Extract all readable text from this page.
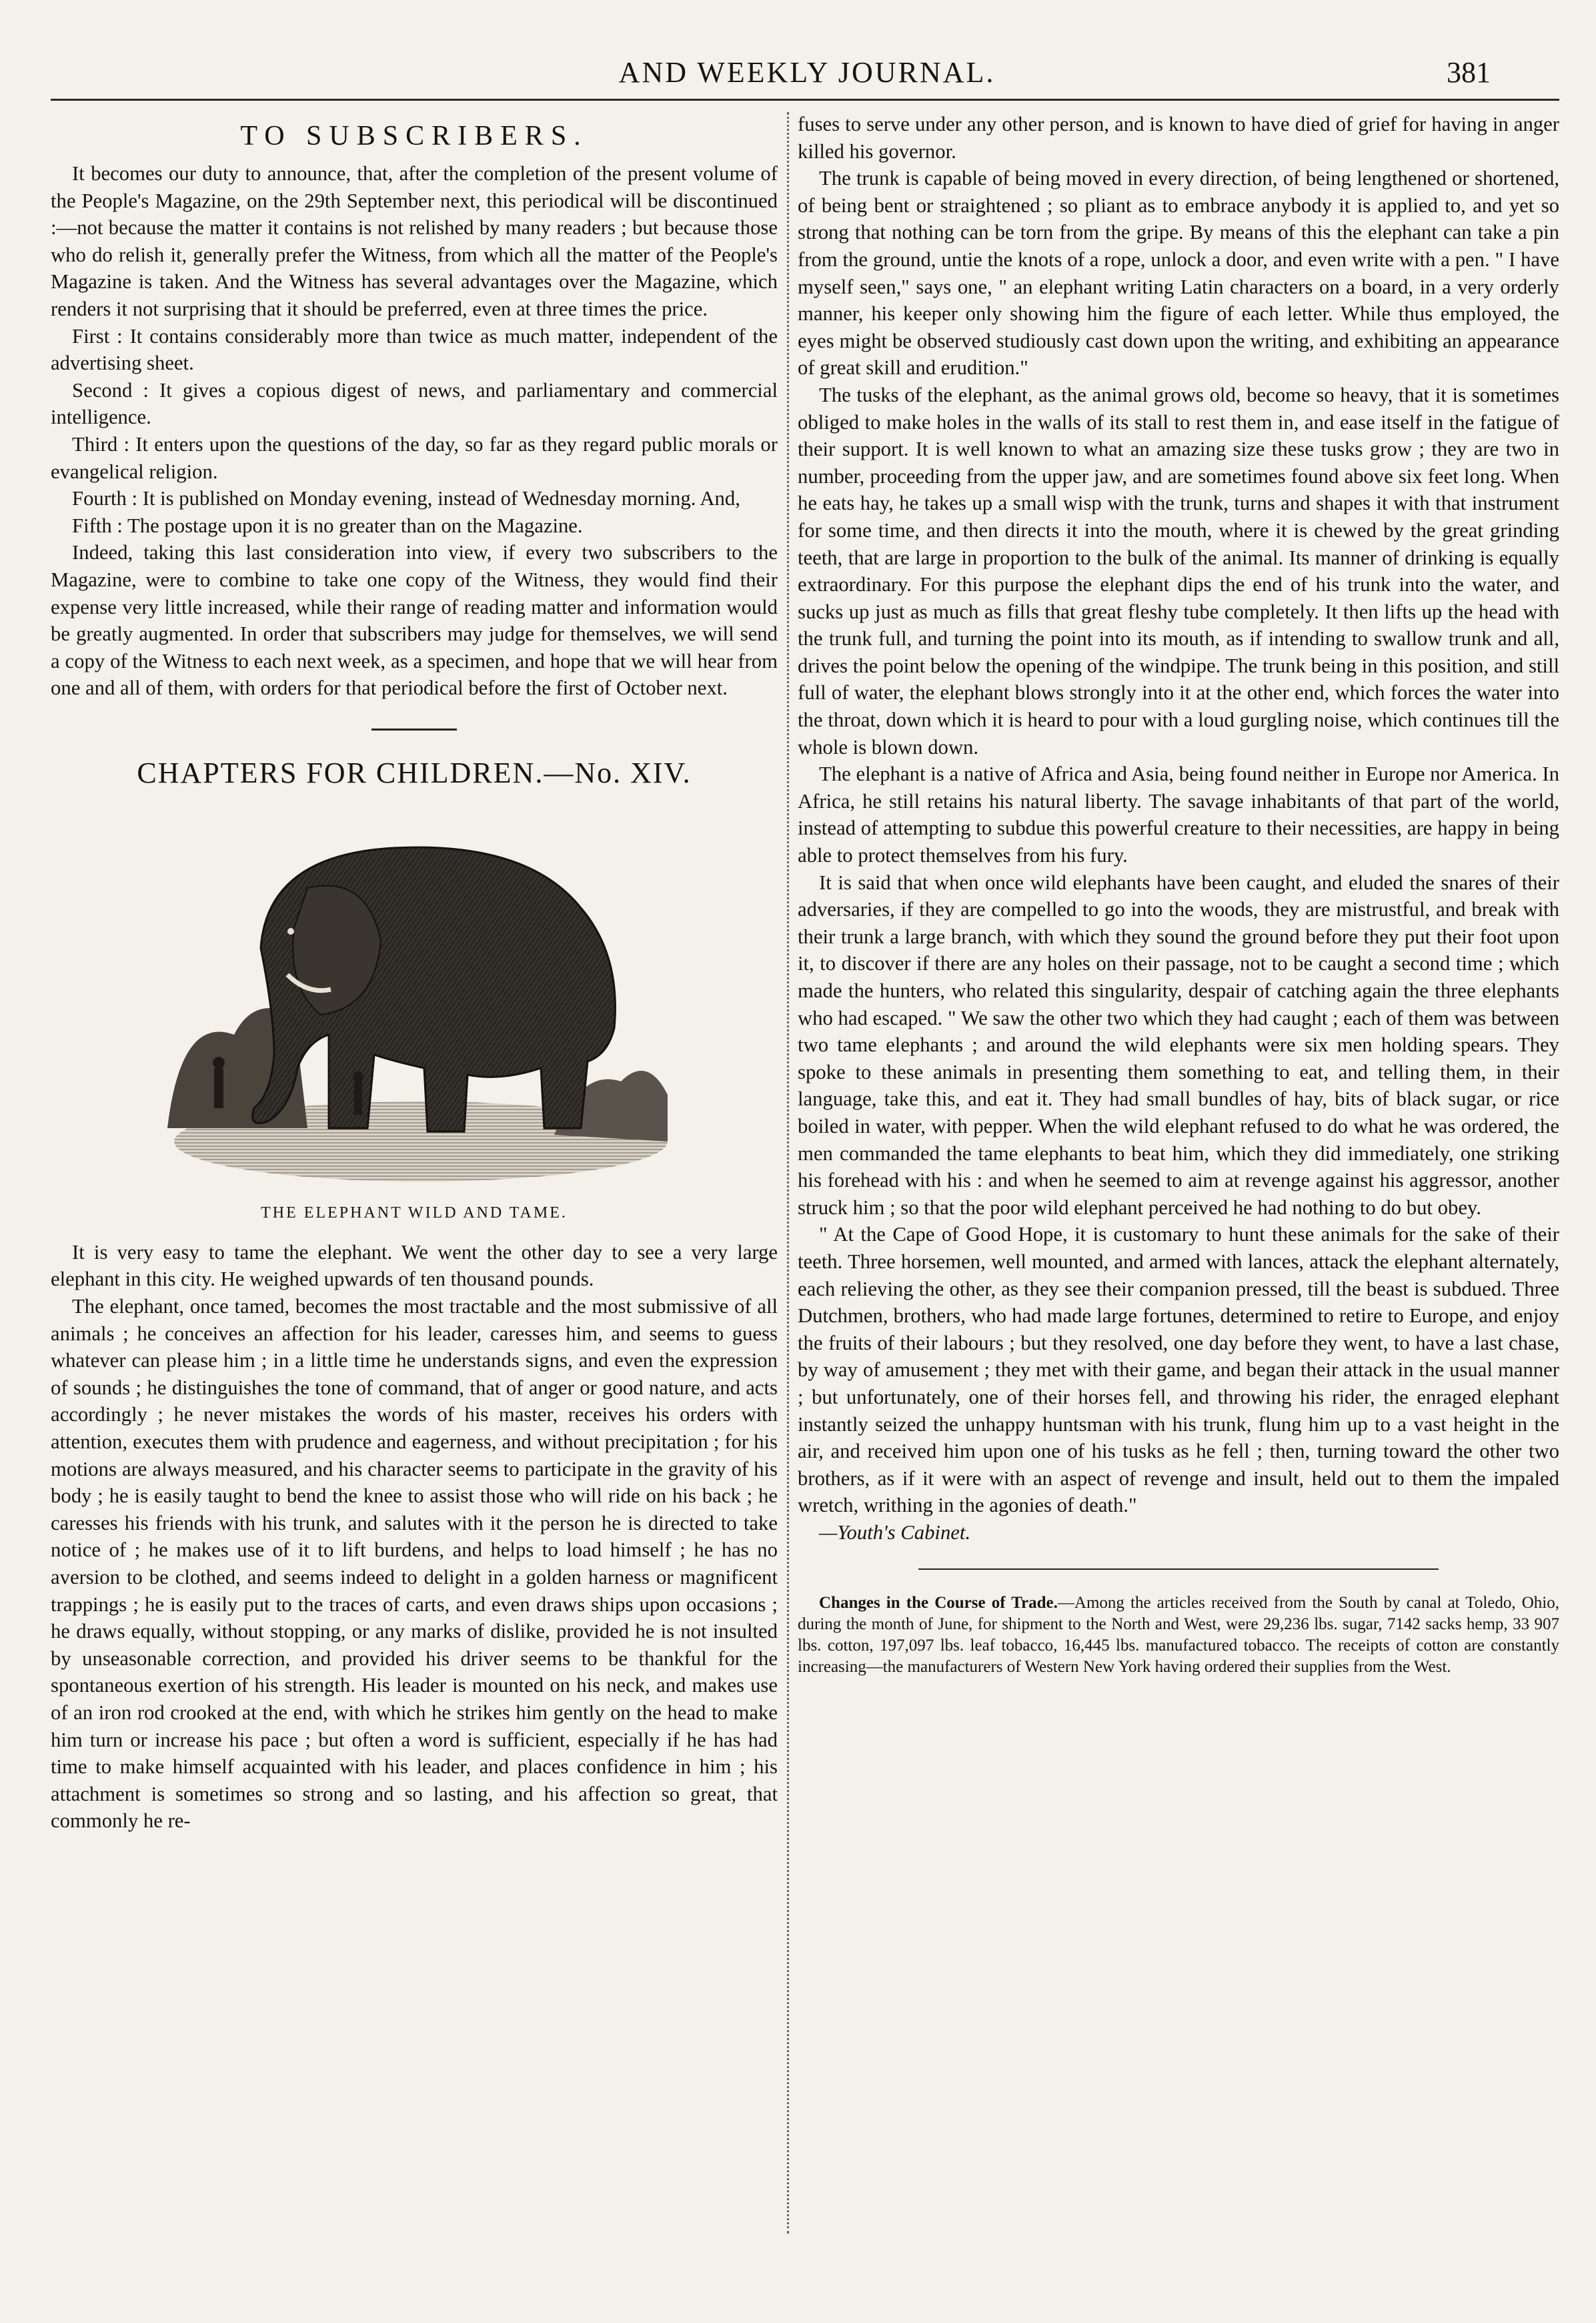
AND WEEKLY JOURNAL.	381
TO SUBSCRIBERS.

It becomes our duty to announce, that, after the completion of the present volume of the People's Magazine, on the 29th September next, this periodical will be discontinued :—not because the matter it contains is not relished by many readers ; but because those who do relish it, generally prefer the Witness, from which all the matter of the People's Magazine is taken. And the Witness has several advantages over the Magazine, which renders it not surprising that it should be preferred, even at three times the price.

First : It contains considerably more than twice as much matter, independent of the advertising sheet.

Second : It gives a copious digest of news, and parliamentary and commercial intelligence.

Third : It enters upon the questions of the day, so far as they regard public morals or evangelical religion.

Fourth : It is published on Monday evening, instead of Wednesday morning. And,

Fifth : The postage upon it is no greater than on the Magazine.

Indeed, taking this last consideration into view, if every two subscribers to the Magazine, were to combine to take one copy of the Witness, they would find their expense very little increased, while their range of reading matter and information would be greatly augmented. In order that subscribers may judge for themselves, we will send a copy of the Witness to each next week, as a specimen, and hope that we will hear from one and all of them, with orders for that periodical before the first of October next.

CHAPTERS FOR CHILDREN.—No. XIV.
THE ELEPHANT WILD AND TAME.

It is very easy to tame the elephant. We went the other day to see a very large elephant in this city. He weighed upwards of ten thousand pounds.

The elephant, once tamed, becomes the most tractable and the most submissive of all animals ; he conceives an affection for his leader, caresses him, and seems to guess whatever can please him ; in a little time he understands signs, and even the expression of sounds ; he distinguishes the tone of command, that of anger or good nature, and acts accordingly ; he never mistakes the words of his master, receives his orders with attention, executes them with prudence and eagerness, and without precipitation ; for his motions are always measured, and his character seems to participate in the gravity of his body ; he is easily taught to bend the knee to assist those who will ride on his back ; he caresses his friends with his trunk, and salutes with it the person he is directed to take notice of ; he makes use of it to lift burdens, and helps to load himself ; he has no aversion to be clothed, and seems indeed to delight in a golden harness or magnificent trappings ; he is easily put to the traces of carts, and even draws ships upon occasions ; he draws equally, without stopping, or any marks of dislike, provided he is not insulted by unseasonable correction, and provided his driver seems to be thankful for the spontaneous exertion of his strength. His leader is mounted on his neck, and makes use of an iron rod crooked at the end, with which he strikes him gently on the head to make him turn or increase his pace ; but often a word is sufficient, especially if he has had time to make himself acquainted with his leader, and places confidence in him ; his attachment is sometimes so strong and so lasting, and his affection so great, that commonly he re-

fuses to serve under any other person, and is known to have died of grief for having in anger killed his governor.

The trunk is capable of being moved in every direction, of being lengthened or shortened, of being bent or straightened ; so pliant as to embrace anybody it is applied to, and yet so strong that nothing can be torn from the gripe. By means of this the elephant can take a pin from the ground, untie the knots of a rope, unlock a door, and even write with a pen. " I have myself seen," says one, " an elephant writing Latin characters on a board, in a very orderly manner, his keeper only showing him the figure of each letter. While thus employed, the eyes might be observed studiously cast down upon the writing, and exhibiting an appearance of great skill and erudition."

The tusks of the elephant, as the animal grows old, become so heavy, that it is sometimes obliged to make holes in the walls of its stall to rest them in, and ease itself in the fatigue of their support. It is well known to what an amazing size these tusks grow ; they are two in number, proceeding from the upper jaw, and are sometimes found above six feet long. When he eats hay, he takes up a small wisp with the trunk, turns and shapes it with that instrument for some time, and then directs it into the mouth, where it is chewed by the great grinding teeth, that are large in proportion to the bulk of the animal. Its manner of drinking is equally extraordinary. For this purpose the elephant dips the end of his trunk into the water, and sucks up just as much as fills that great fleshy tube completely. It then lifts up the head with the trunk full, and turning the point into its mouth, as if intending to swallow trunk and all, drives the point below the opening of the windpipe. The trunk being in this position, and still full of water, the elephant blows strongly into it at the other end, which forces the water into the throat, down which it is heard to pour with a loud gurgling noise, which continues till the whole is blown down.

The elephant is a native of Africa and Asia, being found neither in Europe nor America. In Africa, he still retains his natural liberty. The savage inhabitants of that part of the world, instead of attempting to subdue this powerful creature to their necessities, are happy in being able to protect themselves from his fury.

It is said that when once wild elephants have been caught, and eluded the snares of their adversaries, if they are compelled to go into the woods, they are mistrustful, and break with their trunk a large branch, with which they sound the ground before they put their foot upon it, to discover if there are any holes on their passage, not to be caught a second time ; which made the hunters, who related this singularity, despair of catching again the three elephants who had escaped. " We saw the other two which they had caught ; each of them was between two tame elephants ; and around the wild elephants were six men holding spears. They spoke to these animals in presenting them something to eat, and telling them, in their language, take this, and eat it. They had small bundles of hay, bits of black sugar, or rice boiled in water, with pepper. When the wild elephant refused to do what he was ordered, the men commanded the tame elephants to beat him, which they did immediately, one striking his forehead with his : and when he seemed to aim at revenge against his aggressor, another struck him ; so that the poor wild elephant perceived he had nothing to do but obey.

" At the Cape of Good Hope, it is customary to hunt these animals for the sake of their teeth. Three horsemen, well mounted, and armed with lances, attack the elephant alternately, each relieving the other, as they see their companion pressed, till the beast is subdued. Three Dutchmen, brothers, who had made large fortunes, determined to retire to Europe, and enjoy the fruits of their labours ; but they resolved, one day before they went, to have a last chase, by way of amusement ; they met with their game, and began their attack in the usual manner ; but unfortunately, one of their horses fell, and throwing his rider, the enraged elephant instantly seized the unhappy huntsman with his trunk, flung him up to a vast height in the air, and received him upon one of his tusks as he fell ; then, turning toward the other two brothers, as if it were with an aspect of revenge and insult, held out to them the impaled wretch, writhing in the agonies of death."

—Youth's Cabinet.

Changes in the Course of Trade.—Among the articles received from the South by canal at Toledo, Ohio, during the month of June, for shipment to the North and West, were 29,236 lbs. sugar, 7142 sacks hemp, 33 907 lbs. cotton, 197,097 lbs. leaf tobacco, 16,445 lbs. manufactured tobacco. The receipts of cotton are constantly increasing—the manufacturers of Western New York having ordered their supplies from the West.
